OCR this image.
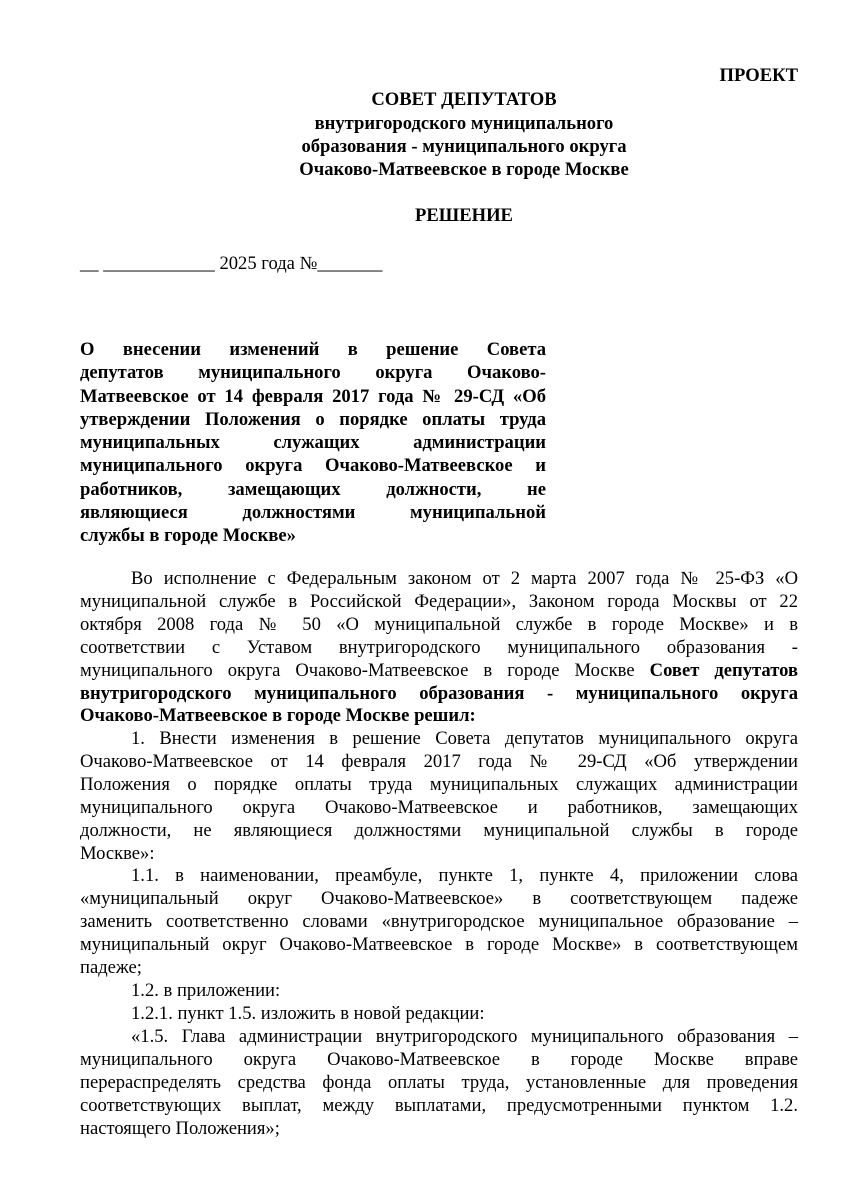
ПРОЕКТ
СОВЕТ ДЕПУТАТОВ
внутригородского муниципального
образования - муниципального округа
Очаково-Матвеевское в городе Москве
РЕШЕНИЕ
__ ____________ 2025 года №_______
О внесении изменений в решение Совета
депутатов муниципального округа Очаково-
Матвеевское от 14 февраля 2017 года № 29-СД «Об
утверждении Положения о порядке оплаты труда
муниципальных служащих администрации
муниципального округа Очаково-Матвеевское и
работников, замещающих должности, не
являющиеся должностями муниципальной
службы в городе Москве»
Во исполнение с Федеральным законом от 2 марта 2007 года № 25-ФЗ «О
муниципальной службе в Российской Федерации», Законом города Москвы от 22
октября 2008 года № 50 «О муниципальной службе в городе Москве» и в
соответствии с Уставом внутригородского муниципального образования -
муниципального округа Очаково-Матвеевское в городе Москве Совет депутатов
внутригородского муниципального образования - муниципального округа
Очаково-Матвеевское в городе Москве решил:
1. Внести изменения в решение Совета депутатов муниципального округа
Очаково-Матвеевское от 14 февраля 2017 года № 29-СД «Об утверждении
Положения о порядке оплаты труда муниципальных служащих администрации
муниципального округа Очаково-Матвеевское и работников, замещающих
должности, не являющиеся должностями муниципальной службы в городе
Москве»:
1.1. в наименовании, преамбуле, пункте 1, пункте 4, приложении слова
«муниципальный округ Очаково-Матвеевское» в соответствующем падеже
заменить соответственно словами «внутригородское муниципальное образование –
муниципальный округ Очаково-Матвеевское в городе Москве» в соответствующем
падеже;
1.2. в приложении:
1.2.1. пункт 1.5. изложить в новой редакции:
«1.5. Глава администрации внутригородского муниципального образования –
муниципального округа Очаково-Матвеевское в городе Москве вправе
перераспределять средства фонда оплаты труда, установленные для проведения
соответствующих выплат, между выплатами, предусмотренными пунктом 1.2.
настоящего Положения»;
